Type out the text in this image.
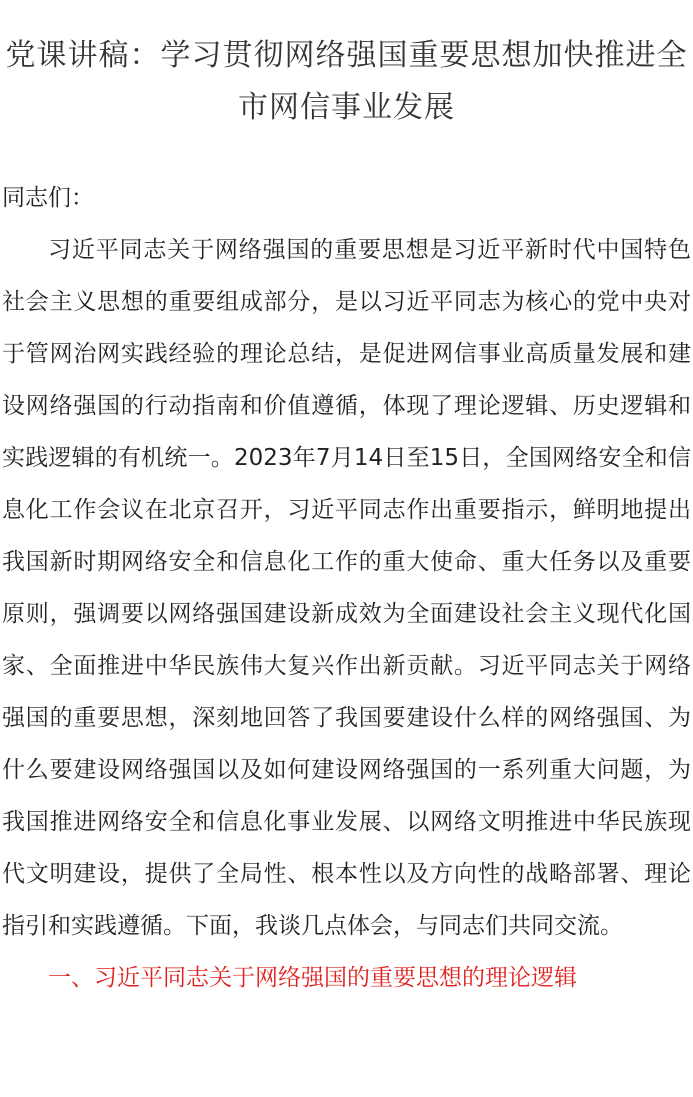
党课讲稿：学习贯彻网络强国重要思想加快推进全市网信事业发展

同志们：

习近平同志关于网络强国的重要思想是习近平新时代中国特色社会主义思想的重要组成部分，是以习近平同志为核心的党中央对于管网治网实践经验的理论总结，是促进网信事业高质量发展和建设网络强国的行动指南和价值遵循，体现了理论逻辑、历史逻辑和实践逻辑的有机统一。2023年7月14日至15日，全国网络安全和信息化工作会议在北京召开，习近平同志作出重要指示，鲜明地提出我国新时期网络安全和信息化工作的重大使命、重大任务以及重要原则，强调要以网络强国建设新成效为全面建设社会主义现代化国家、全面推进中华民族伟大复兴作出新贡献。习近平同志关于网络强国的重要思想，深刻地回答了我国要建设什么样的网络强国、为什么要建设网络强国以及如何建设网络强国的一系列重大问题，为我国推进网络安全和信息化事业发展、以网络文明推进中华民族现代文明建设，提供了全局性、根本性以及方向性的战略部署、理论指引和实践遵循。下面，我谈几点体会，与同志们共同交流。

一、习近平同志关于网络强国的重要思想的理论逻辑
